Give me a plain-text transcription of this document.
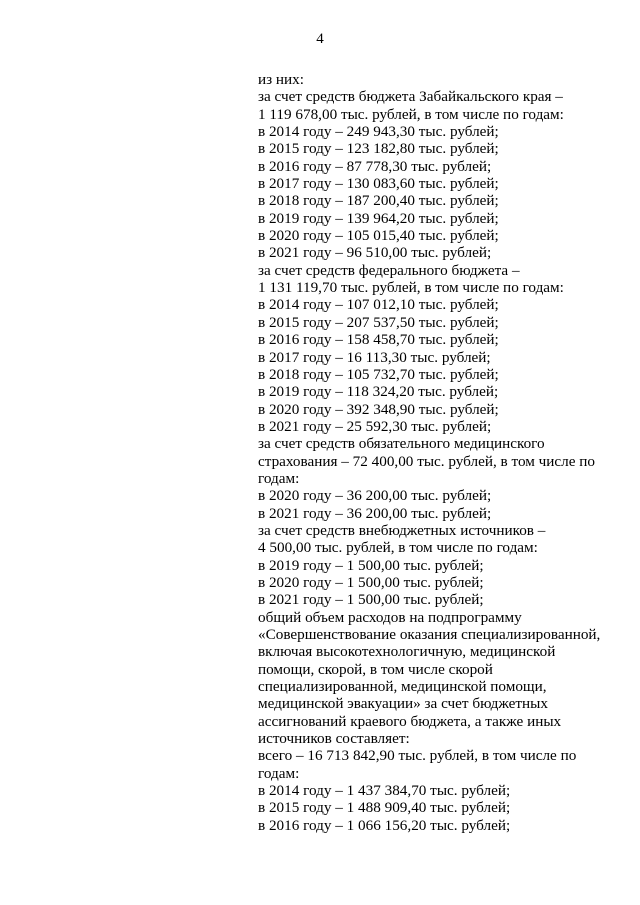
4
из них:
за счет средств бюджета Забайкальского края –
1 119 678,00 тыс. рублей, в том числе по годам:
в 2014 году – 249 943,30 тыс. рублей;
в 2015 году – 123 182,80 тыс. рублей;
в 2016 году – 87 778,30 тыс. рублей;
в 2017 году – 130 083,60 тыс. рублей;
в 2018 году – 187 200,40 тыс. рублей;
в 2019 году – 139 964,20 тыс. рублей;
в 2020 году – 105 015,40 тыс. рублей;
в 2021 году – 96 510,00 тыс. рублей;
за счет средств федерального бюджета –
1 131 119,70 тыс. рублей, в том числе по годам:
в 2014 году – 107 012,10 тыс. рублей;
в 2015 году – 207 537,50 тыс. рублей;
в 2016 году – 158 458,70 тыс. рублей;
в 2017 году – 16 113,30 тыс. рублей;
в 2018 году – 105 732,70 тыс. рублей;
в 2019 году – 118 324,20 тыс. рублей;
в 2020 году – 392 348,90 тыс. рублей;
в 2021 году – 25 592,30 тыс. рублей;
за счет средств обязательного медицинского
страхования – 72 400,00 тыс. рублей, в том числе по
годам:
в 2020 году – 36 200,00 тыс. рублей;
в 2021 году – 36 200,00 тыс. рублей;
за счет средств внебюджетных источников –
4 500,00 тыс. рублей, в том числе по годам:
в 2019 году – 1 500,00 тыс. рублей;
в 2020 году – 1 500,00 тыс. рублей;
в 2021 году – 1 500,00 тыс. рублей;
общий объем расходов на подпрограмму
«Совершенствование оказания специализированной,
включая высокотехнологичную, медицинской
помощи, скорой, в том числе скорой
специализированной, медицинской помощи,
медицинской эвакуации» за счет бюджетных
ассигнований краевого бюджета, а также иных
источников составляет:
всего – 16 713 842,90 тыс. рублей, в том числе по
годам:
в 2014 году – 1 437 384,70 тыс. рублей;
в 2015 году – 1 488 909,40 тыс. рублей;
в 2016 году – 1 066 156,20 тыс. рублей;
